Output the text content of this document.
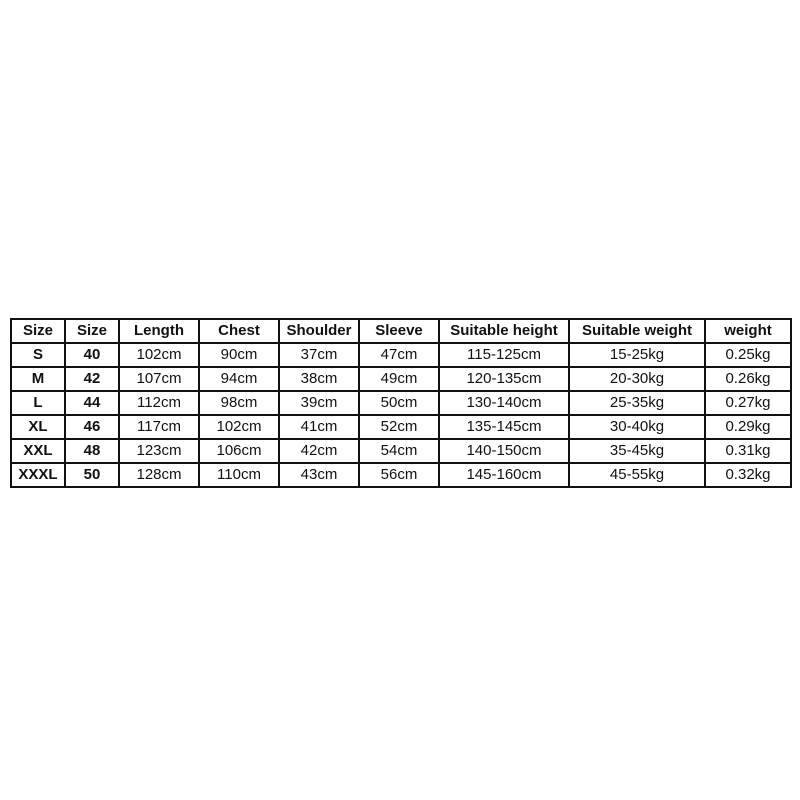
Size	Size	Length	Chest	Shoulder	Sleeve	Suitable height	Suitable weight	weight
S	40	102cm	90cm	37cm	47cm	115-125cm	15-25kg	0.25kg
M	42	107cm	94cm	38cm	49cm	120-135cm	20-30kg	0.26kg
L	44	112cm	98cm	39cm	50cm	130-140cm	25-35kg	0.27kg
XL	46	117cm	102cm	41cm	52cm	135-145cm	30-40kg	0.29kg
XXL	48	123cm	106cm	42cm	54cm	140-150cm	35-45kg	0.31kg
XXXL	50	128cm	110cm	43cm	56cm	145-160cm	45-55kg	0.32kg
